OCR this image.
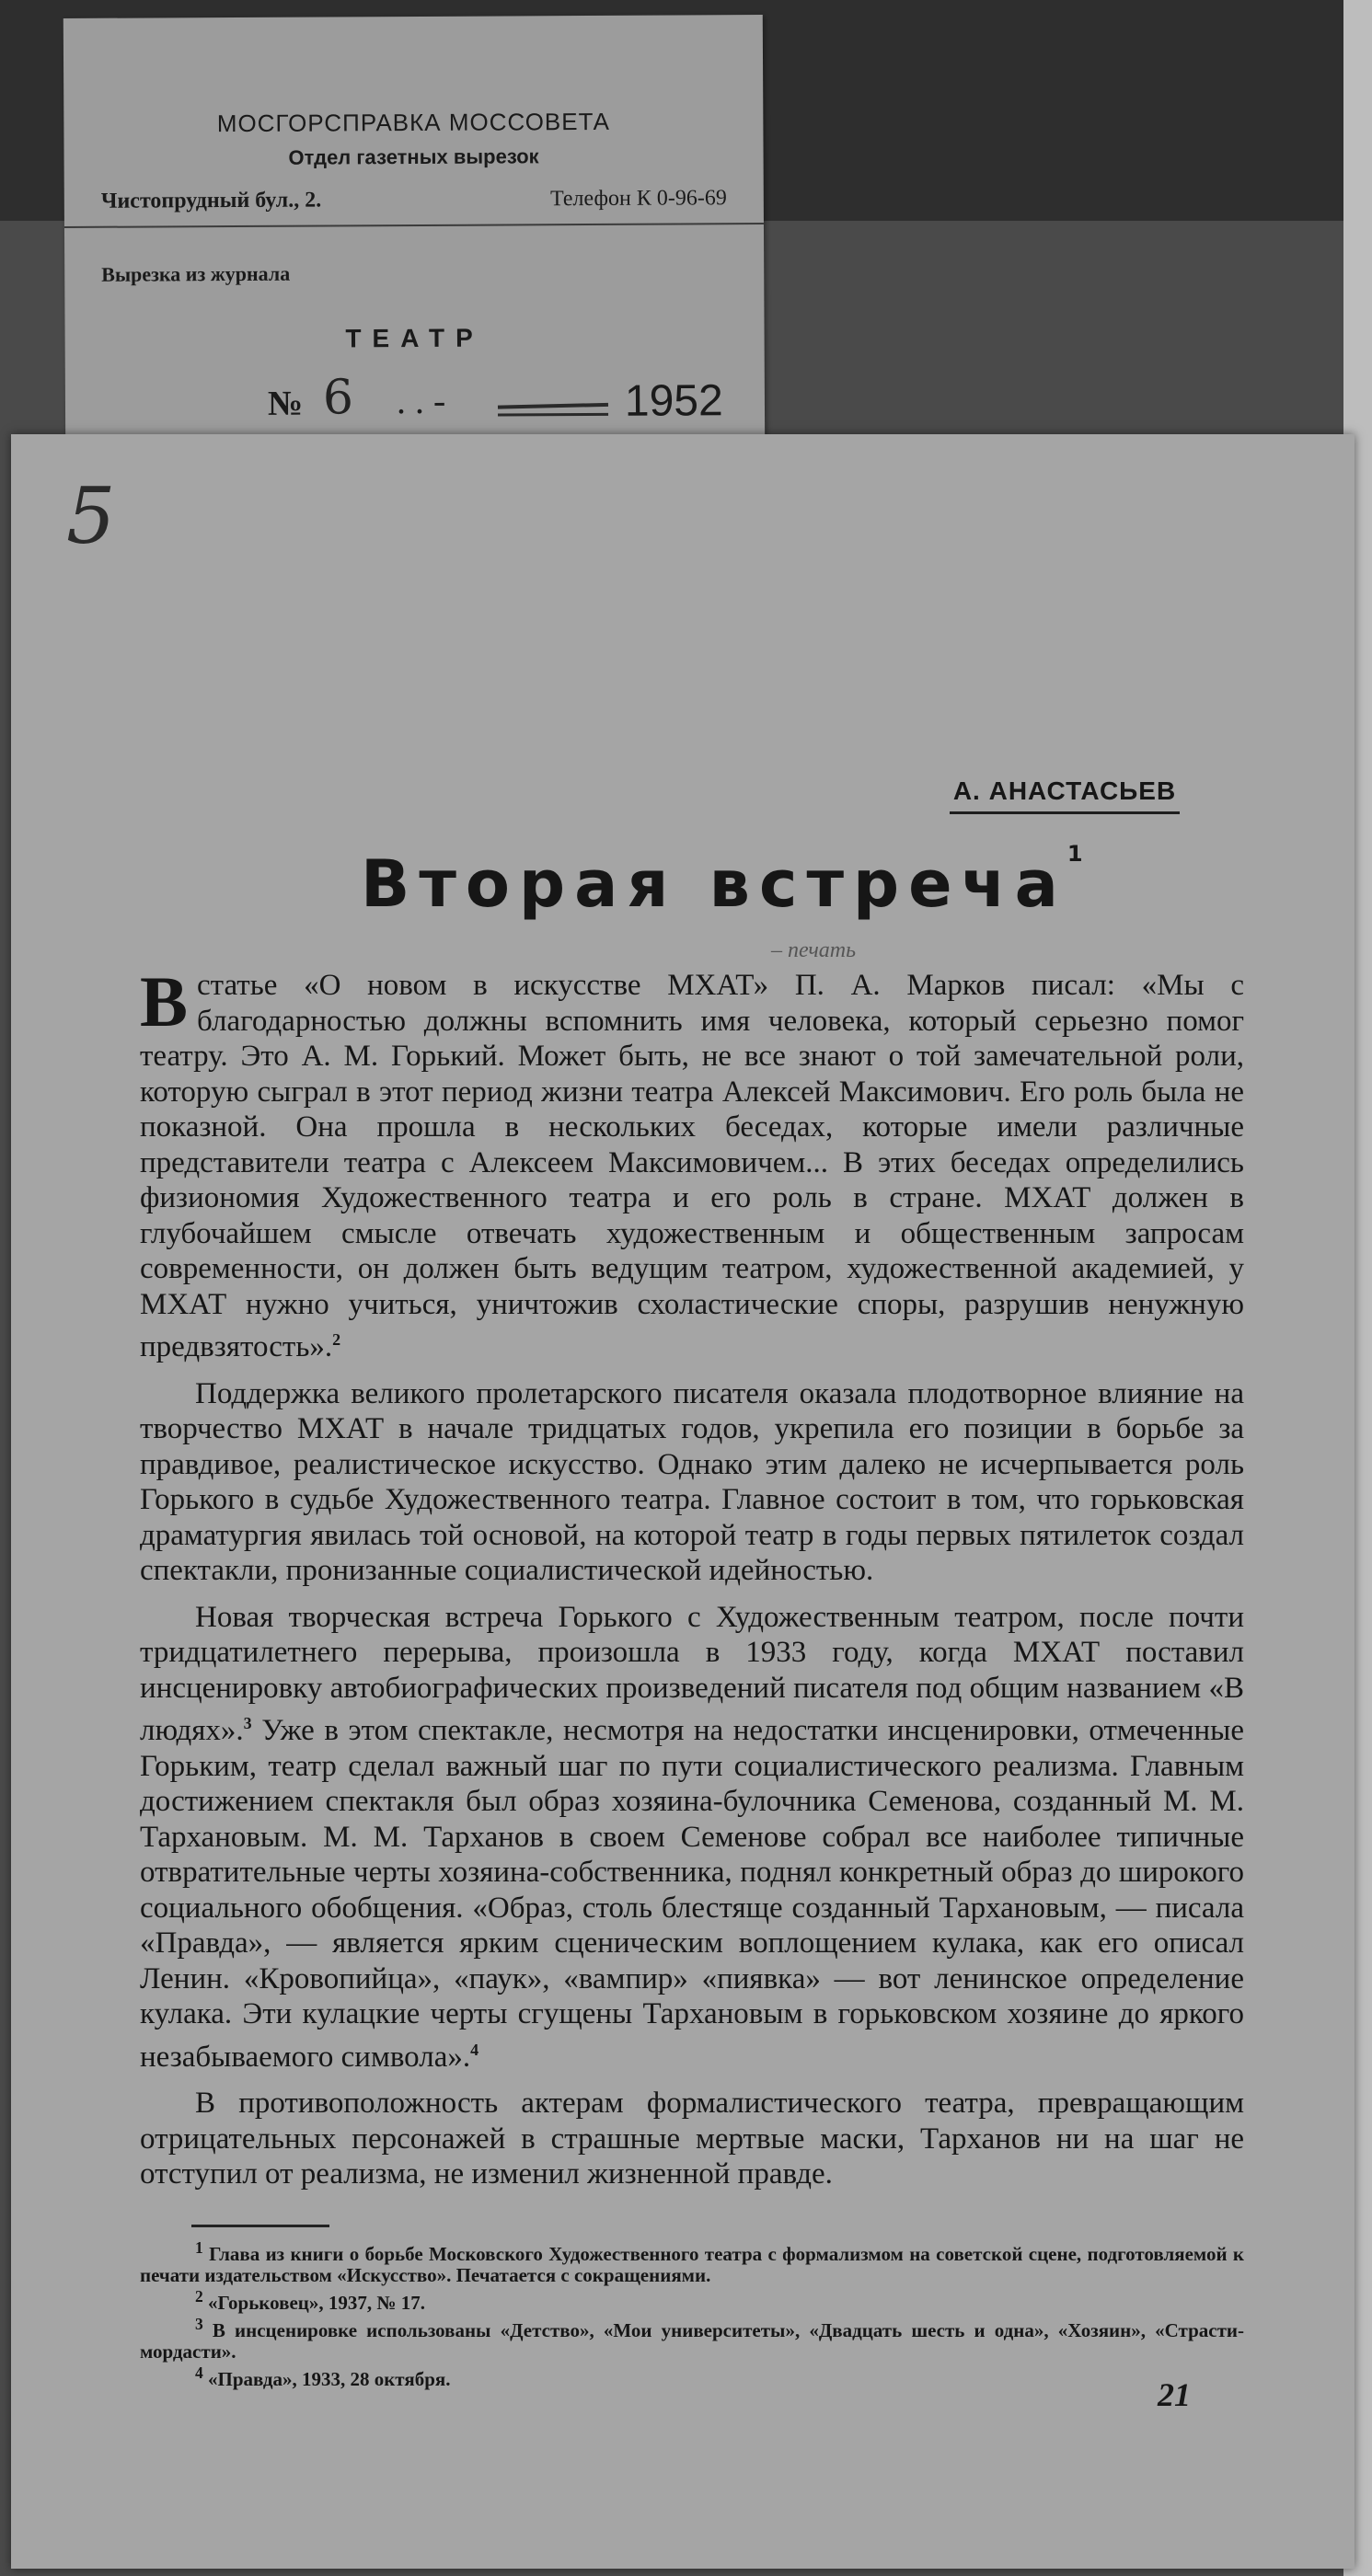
МОСГОРСПРАВКА МОССОВЕТА
Отдел газетных вырезок
Чистопрудный бул., 2.	Телефон К 0-96-69
Вырезка из журнала
ТЕАТР
№ 6 . . -	1952
5
А. АНАСТАСЬЕВ
Вторая встреча$^1$
– печать

В статье «О новом в искусстве МХАТ» П. А. Марков писал: «Мы с благодарностью должны вспомнить имя человека, который серьезно помог театру. Это А. М. Горький. Может быть, не все знают о той замечательной роли, которую сыграл в этот период жизни театра Алексей Максимович. Его роль была не показной. Она прошла в нескольких беседах, которые имели различные представители театра с Алексеем Максимовичем... В этих беседах определились физиономия Художественного театра и его роль в стране. МХАТ должен в глубочайшем смысле отвечать художественным и общественным запросам современности, он должен быть ведущим театром, художественной академией, у МХАТ нужно учиться, уничтожив схоластические споры, разрушив ненужную предвзятость».$^2$

Поддержка великого пролетарского писателя оказала плодотворное влияние на творчество МХАТ в начале тридцатых годов, укрепила его позиции в борьбе за правдивое, реалистическое искусство. Однако этим далеко не исчерпывается роль Горького в судьбе Художественного театра. Главное состоит в том, что горьковская драматургия явилась той основой, на которой театр в годы первых пятилеток создал спектакли, пронизанные социалистической идейностью.

Новая творческая встреча Горького с Художественным театром, после почти тридцатилетнего перерыва, произошла в 1933 году, когда МХАТ поставил инсценировку автобиографических произведений писателя под общим названием «В людях».$^3$ Уже в этом спектакле, несмотря на недостатки инсценировки, отмеченные Горьким, театр сделал важный шаг по пути социалистического реализма. Главным достижением спектакля был образ хозяина-булочника Семенова, созданный М. М. Тархановым. М. М. Тарханов в своем Семенове собрал все наиболее типичные отвратительные черты хозяина-собственника, поднял конкретный образ до широкого социального обобщения. «Образ, столь блестяще созданный Тархановым, — писала «Правда», — является ярким сценическим воплощением кулака, как его описал Ленин. «Кровопийца», «паук», «вампир» «пиявка» — вот ленинское определение кулака. Эти кулацкие черты сгущены Тархановым в горьковском хозяине до яркого незабываемого символа».$^4$

В противоположность актерам формалистического театра, превращающим отрицательных персонажей в страшные мертвые маски, Тарханов ни на шаг не отступил от реализма, не изменил жизненной правде.

$^1$ Глава из книги о борьбе Московского Художественного театра с формализмом на советской сцене, подготовляемой к печати издательством «Искусство». Печатается с сокращениями.

$^2$ «Горьковец», 1937, № 17.

$^3$ В инсценировке использованы «Детство», «Мои университеты», «Двадцать шесть и одна», «Хозяин», «Страсти-мордасти».

$^4$ «Правда», 1933, 28 октября.	21
